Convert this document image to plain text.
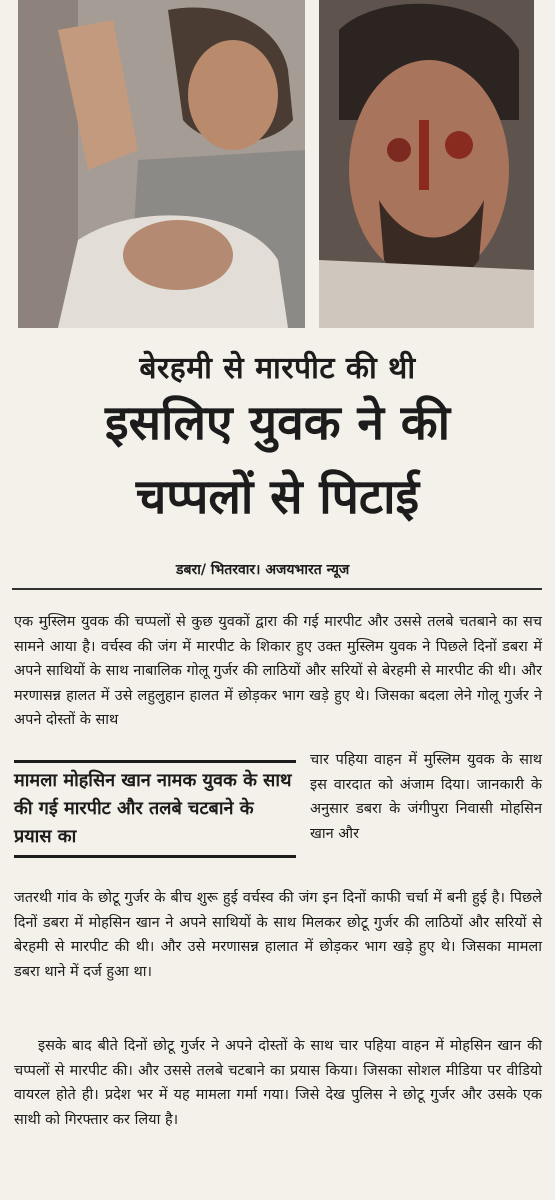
बेरहमी से मारपीट की थी
इसलिए युवक ने की
चप्पलों से पिटाई
डबरा/ भितरवार। अजयभारत न्यूज
एक मुस्लिम युवक की चप्पलों से कुछ युवकों द्वारा की गई मारपीट और उससे तलबे चतबाने का सच सामने आया है। वर्चस्व की जंग में मारपीट के शिकार हुए उक्त मुस्लिम युवक ने पिछले दिनों डबरा में अपने साथियों के साथ नाबालिक गोलू गुर्जर की लाठियों और सरियों से बेरहमी से मारपीट की थी। और मरणासन्न हालत में उसे लहुलुहान हालत में छोड़कर भाग खड़े हुए थे। जिसका बदला लेने गोलू गुर्जर ने अपने दोस्तों के साथ
मामला मोहसिन खान नामक युवक के साथ की गई मारपीट और तलबे चटबाने के प्रयास का
चार पहिया वाहन में मुस्लिम युवक के साथ इस वारदात को अंजाम दिया। जानकारी के अनुसार डबरा के जंगीपुरा निवासी मोहसिन खान और
जतरथी गांव के छोटू गुर्जर के बीच शुरू हुई वर्चस्व की जंग इन दिनों काफी चर्चा में बनी हुई है। पिछले दिनों डबरा में मोहसिन खान ने अपने साथियों के साथ मिलकर छोटू गुर्जर की लाठियों और सरियों से बेरहमी से मारपीट की थी। और उसे मरणासन्न हालात में छोड़कर भाग खड़े हुए थे। जिसका मामला डबरा थाने में दर्ज हुआ था।
इसके बाद बीते दिनों छोटू गुर्जर ने अपने दोस्तों के साथ चार पहिया वाहन में मोहसिन खान की चप्पलों से मारपीट की। और उससे तलबे चटबाने का प्रयास किया। जिसका सोशल मीडिया पर वीडियो वायरल होते ही। प्रदेश भर में यह मामला गर्मा गया। जिसे देख पुलिस ने छोटू गुर्जर और उसके एक साथी को गिरफ्तार कर लिया है।
